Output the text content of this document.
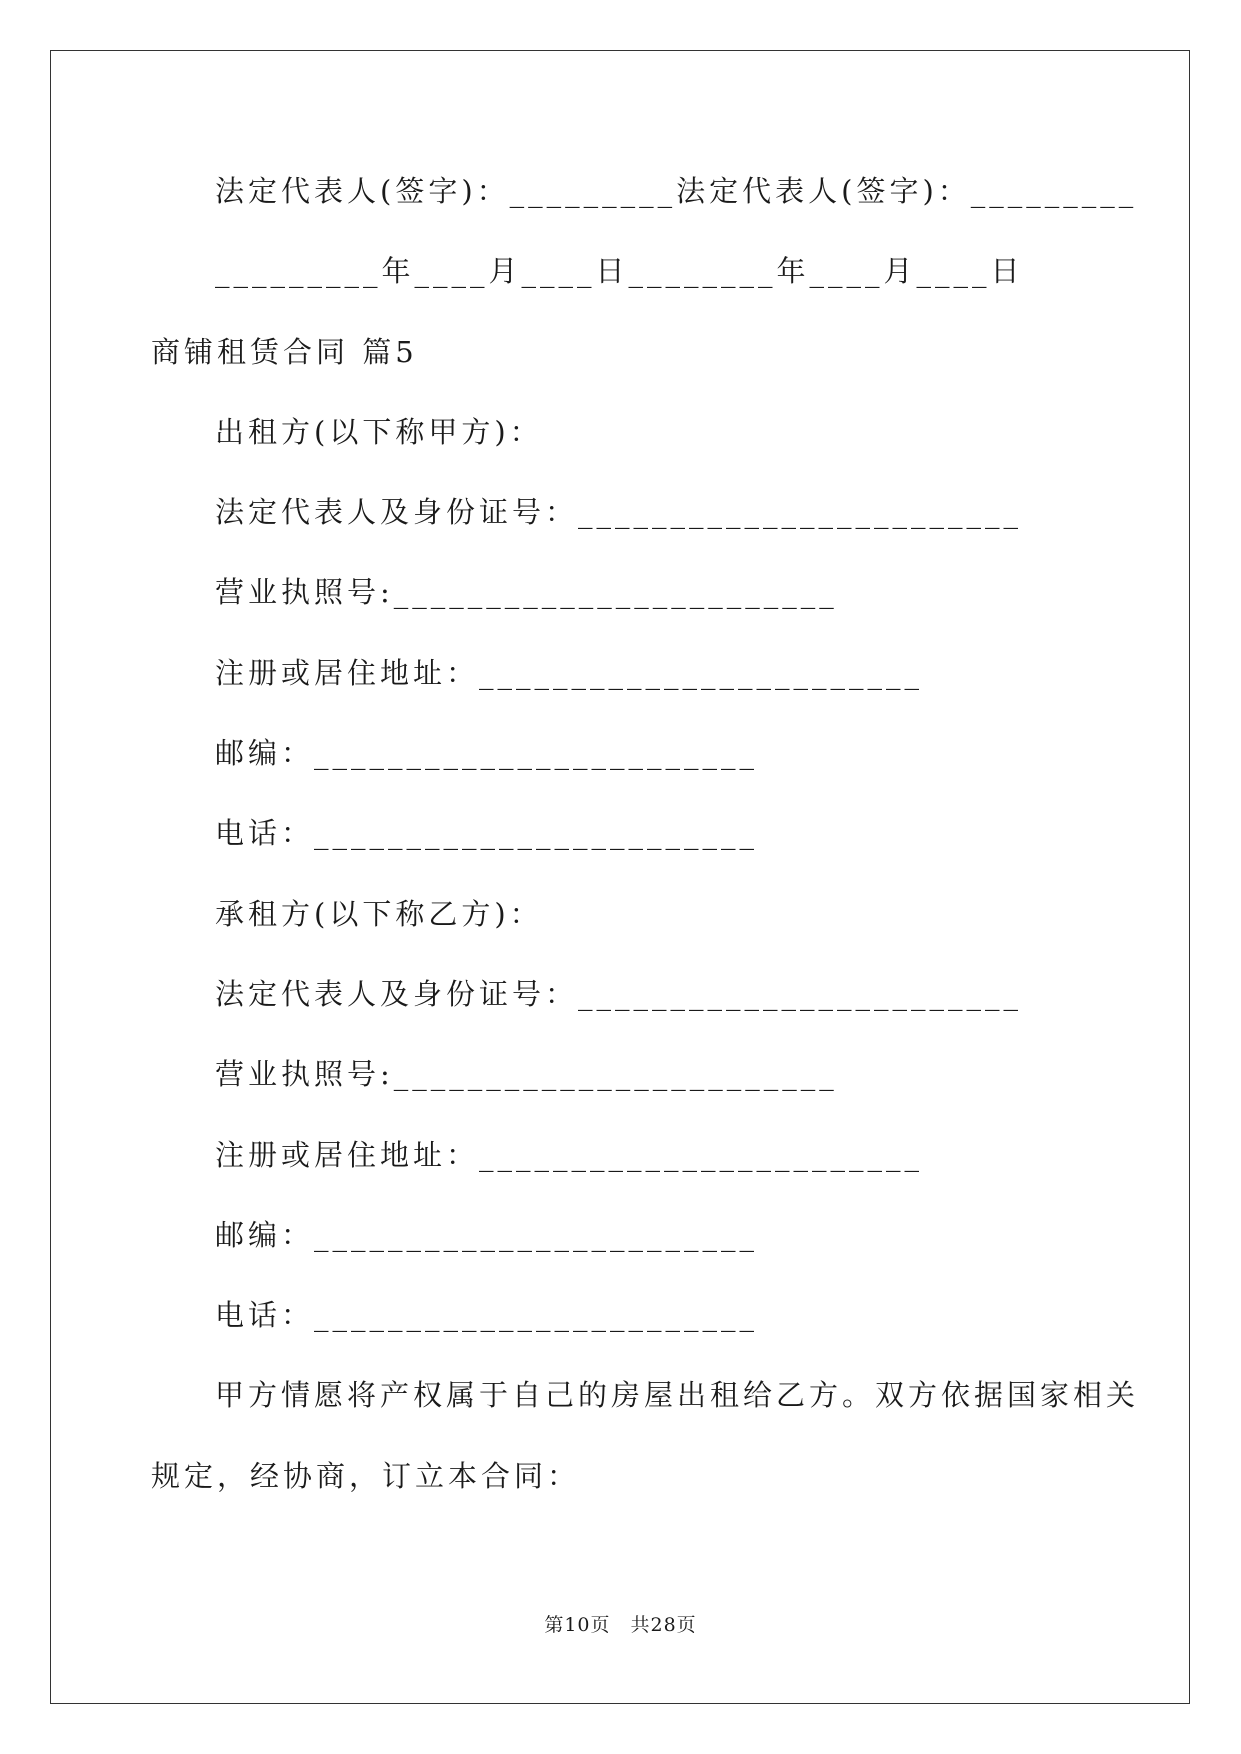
法定代表人(签字)：_________法定代表人(签字)：_________
_________年____月____日________年____月____日
商铺租赁合同 篇5
出租方(以下称甲方)：
法定代表人及身份证号：________________________
营业执照号:________________________
注册或居住地址：________________________
邮编：________________________
电话：________________________
承租方(以下称乙方)：
法定代表人及身份证号：________________________
营业执照号:________________________
注册或居住地址：________________________
邮编：________________________
电话：________________________
甲方情愿将产权属于自己的房屋出租给乙方。双方依据国家相关
规定，经协商，订立本合同：
第10页　共28页
